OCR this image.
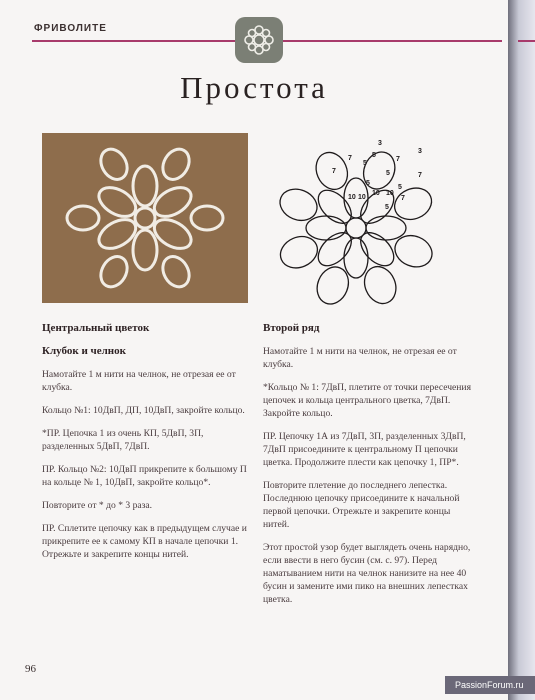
ФРИВОЛИТЕ
Простота
3
5
7
5
7
3
5
7
7
10 10
10 10
5
5
7
5

Центральный цветок

Клубок и челнок

Намотайте 1 м нити на челнок, не отрезая ее от клубка.

Кольцо №1: 10ДвП, ДП, 10ДвП, закройте кольцо.

*ПР. Цепочка 1 из очень КП, 5ДвП, 3П, разделенных 5ДвП, 7ДвП.

ПР. Кольцо №2: 10ДвП прикрепите к большому П на кольце № 1, 10ДвП, закройте кольцо*.

Повторите от * до * 3 раза.

ПР. Сплетите цепочку как в предыдущем случае и прикрепите ее к самому КП в начале цепочки 1. Отрежьте и закрепите концы нитей.

Второй ряд

Намотайте 1 м нити на челнок, не отрезая ее от клубка.

*Кольцо № 1: 7ДвП, плетите от точки пересечения цепочек и кольца центрального цветка, 7ДвП. Закройте кольцо.

ПР. Цепочку 1А из 7ДвП, 3П, разделенных 3ДвП, 7ДвП присоедините к центральному П цепочки цветка. Продолжите плести как цепочку 1, ПР*.

Повторите плетение до последнего лепестка. Последнюю цепочку присоедините к начальной первой цепочки. Отрежьте и закрепите концы нитей.

Этот простой узор будет выглядеть очень нарядно, если ввести в него бусин (см. с. 97). Перед наматыванием нити на челнок нанизите на нее 40 бусин и замените ими пико на внешних лепестках цветка.

96
PassionForum.ru
